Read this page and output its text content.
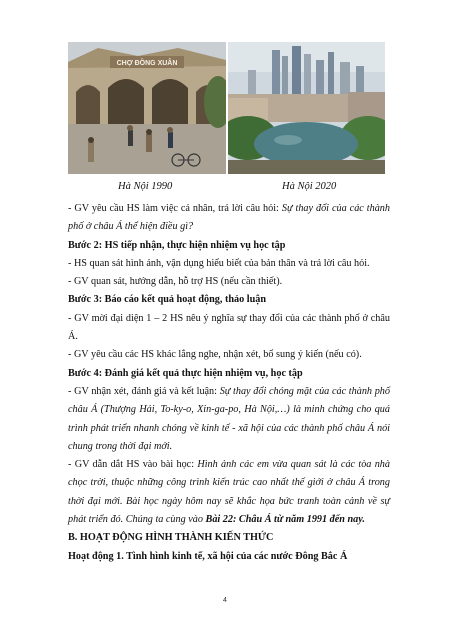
CHỢ ĐỒNG XUÂN
Hà Nội 1990	Hà Nội 2020

- GV yêu cầu HS làm việc cá nhân, trả lời câu hỏi: Sự thay đổi của các thành phố ở châu Á thể hiện điều gì?

Bước 2: HS tiếp nhận, thực hiện nhiệm vụ học tập

- HS quan sát hình ảnh, vận dụng hiểu biết của bản thân và trả lời câu hỏi.

- GV quan sát, hướng dẫn, hỗ trợ HS (nếu cần thiết).

Bước 3: Báo cáo kết quả hoạt động, thảo luận

- GV mời đại diện 1 – 2 HS nêu ý nghĩa sự thay đổi của các thành phố ở châu Á.

- GV yêu cầu các HS khác lắng nghe, nhận xét, bổ sung ý kiến (nếu có).

Bước 4: Đánh giá kết quả thực hiện nhiệm vụ, học tập

- GV nhận xét, đánh giá và kết luận: Sự thay đổi chóng mặt của các thành phố châu Á (Thượng Hải, To-ky-o, Xin-ga-po, Hà Nội,…) là minh chứng cho quá trình phát triển nhanh chóng về kinh tế - xã hội của các thành phố châu Á nói chung trong thời đại mới.

- GV dẫn dắt HS vào bài học: Hình ảnh các em vừa quan sát là các tòa nhà chọc trời, thuộc những công trình kiến trúc cao nhất thế giới ở châu Á trong thời đại mới. Bài học ngày hôm nay sẽ khắc họa bức tranh toàn cảnh về sự phát triển đó. Chúng ta cùng vào Bài 22: Châu Á từ năm 1991 đến nay.

B. HOẠT ĐỘNG HÌNH THÀNH KIẾN THỨC

Hoạt động 1. Tình hình kinh tế, xã hội của các nước Đông Bắc Á

4
